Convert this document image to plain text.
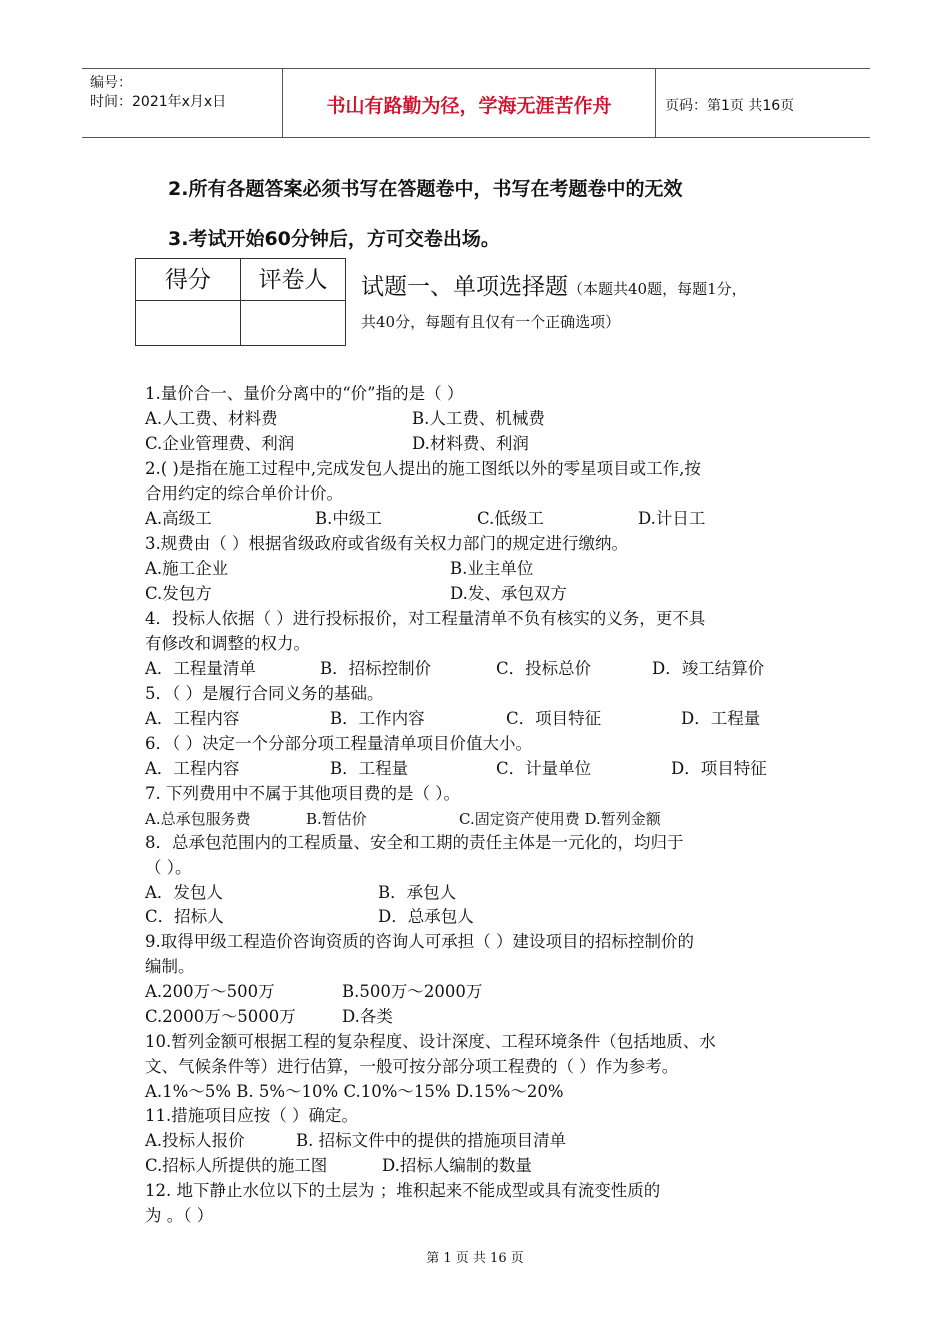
编号：
时间：2021年x月x日	书山有路勤为径，学海无涯苦作舟	页码：第1页 共16页
2.所有各题答案必须书写在答题卷中，书写在考题卷中的无效
3.考试开始60分钟后，方可交卷出场。
得分	评卷人	试题一、单项选择题（本题共40题，每题1分，
共40分，每题有且仅有一个正确选项）
1.量价合一、量价分离中的“价”指的是（ ）
A.人工费、材料费	B.人工费、机械费
C.企业管理费、利润	D.材料费、利润
2.( )是指在施工过程中,完成发包人提出的施工图纸以外的零星项目或工作,按
合用约定的综合单价计价。
A.高级工	B.中级工	C.低级工	D.计日工
3.规费由（ ）根据省级政府或省级有关权力部门的规定进行缴纳。
A.施工企业	B.业主单位
C.发包方	D.发、承包双方
4．投标人依据（ ）进行投标报价，对工程量清单不负有核实的义务，更不具
有修改和调整的权力。
A．工程量清单	B．招标控制价	C．投标总价	D．竣工结算价
5．（ ）是履行合同义务的基础。
A．工程内容	B．工作内容	C．项目特征	D．工程量
6．（ ）决定一个分部分项工程量清单项目价值大小。
A．工程内容	B．工程量	C．计量单位	D．项目特征
7. 下列费用中不属于其他项目费的是（ ）。
A.总承包服务费	B.暂估价	C.固定资产使用费 D.暂列金额
8．总承包范围内的工程质量、安全和工期的责任主体是一元化的，均归于
（ ）。
A．发包人	B．承包人
C．招标人	D．总承包人
9.取得甲级工程造价咨询资质的咨询人可承担（ ）建设项目的招标控制价的
编制。
A.200万～500万	B.500万～2000万
C.2000万～5000万	D.各类
10.暂列金额可根据工程的复杂程度、设计深度、工程环境条件（包括地质、水
文、气候条件等）进行估算，一般可按分部分项工程费的（ ）作为参考。
A.1%～5% B. 5%～10% C.10%～15% D.15%～20%
11.措施项目应按（ ）确定。
A.投标人报价	B. 招标文件中的提供的措施项目清单
C.招标人所提供的施工图	D.招标人编制的数量
12. 地下静止水位以下的土层为 ；堆积起来不能成型或具有流变性质的
为 。（ ）
第 1 页 共 16 页
